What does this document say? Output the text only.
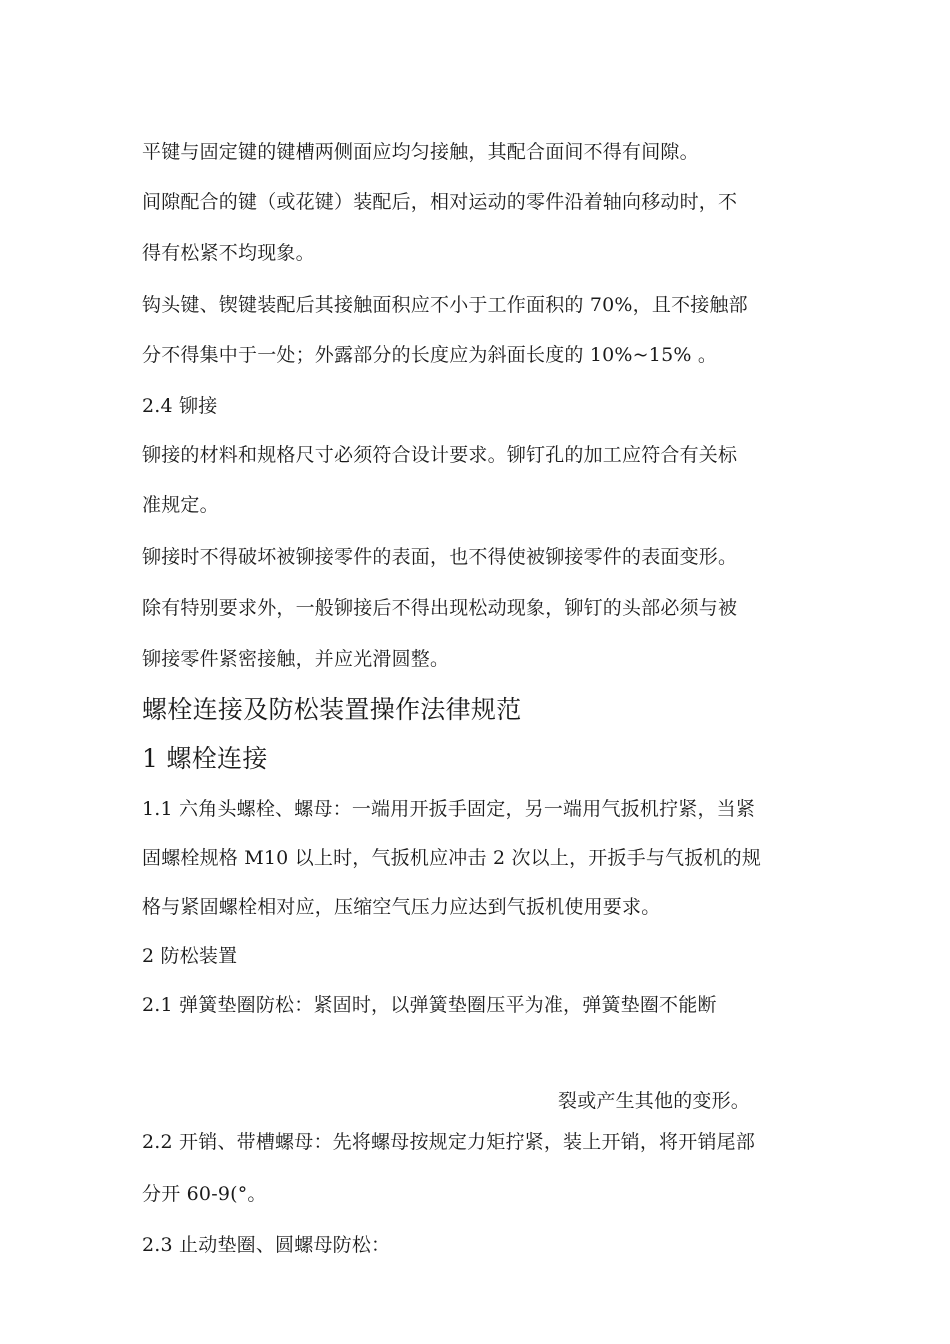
平键与固定键的键槽两侧面应均匀接触，其配合面间不得有间隙。
间隙配合的键（或花键）装配后，相对运动的零件沿着轴向移动时，不
得有松紧不均现象。
钩头键、锲键装配后其接触面积应不小于工作面积的 70%，且不接触部
分不得集中于一处；外露部分的长度应为斜面长度的 10%~15% 。
2.4 铆接
铆接的材料和规格尺寸必须符合设计要求。铆钉孔的加工应符合有关标
准规定。
铆接时不得破坏被铆接零件的表面，也不得使被铆接零件的表面变形。
除有特别要求外，一般铆接后不得出现松动现象，铆钉的头部必须与被
铆接零件紧密接触，并应光滑圆整。
螺栓连接及防松装置操作法律规范
1 螺栓连接
1.1 六角头螺栓、螺母：一端用开扳手固定，另一端用气扳机拧紧，当紧
固螺栓规格 M10 以上时，气扳机应冲击 2 次以上，开扳手与气扳机的规
格与紧固螺栓相对应，压缩空气压力应达到气扳机使用要求。
2 防松装置
2.1 弹簧垫圈防松：紧固时，以弹簧垫圈压平为准，弹簧垫圈不能断
裂或产生其他的变形。
2.2 开销、带槽螺母：先将螺母按规定力矩拧紧，装上开销，将开销尾部
分开 60-9(°。
2.3 止动垫圈、圆螺母防松：
